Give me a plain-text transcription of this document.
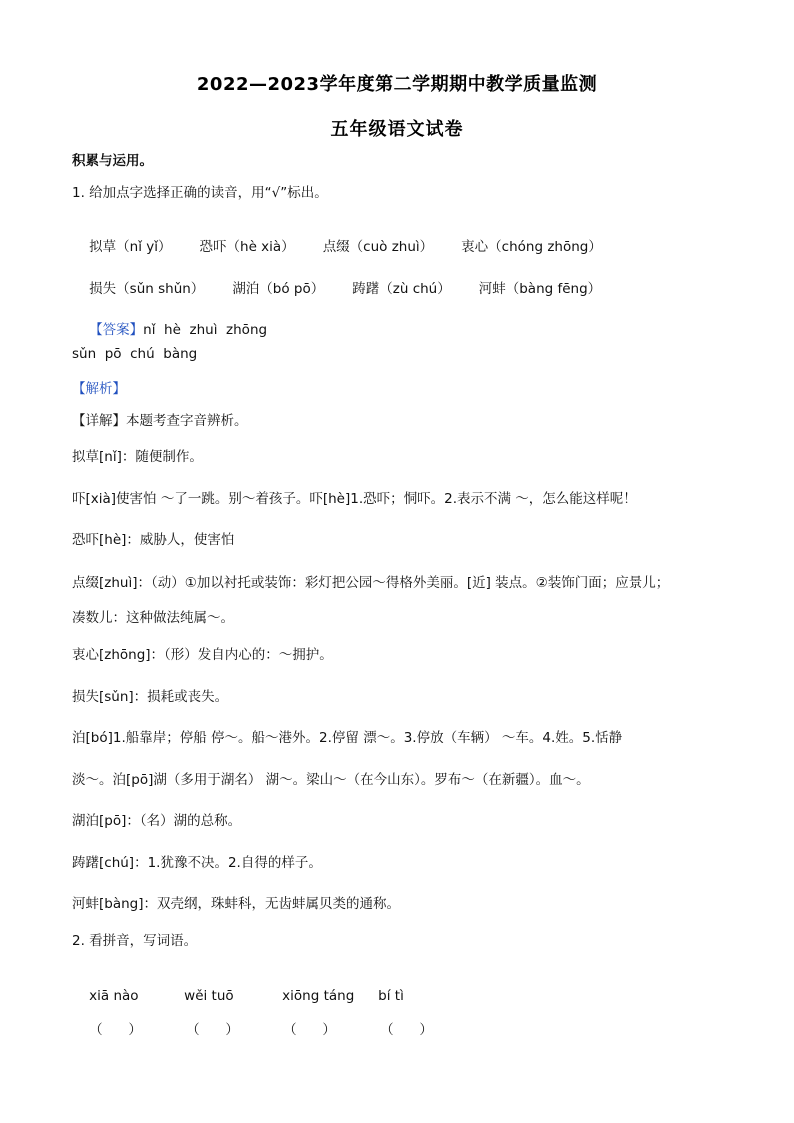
2022—2023学年度第二学期期中教学质量监测
五年级语文试卷
积累与运用。
1. 给加点字选择正确的读音，用“√”标出。

拟草（nǐ yǐ） 恐吓（hè xià） 点缀（cuò zhuì） 衷心（chóng zhōng）

损失（sǔn shǔn） 湖泊（bó pō） 踌躇（zù chú） 河蚌（bàng fēng）

【答案】nǐ  hè  zhuì  zhōng

sǔn  pō  chú  bàng
【解析】
【详解】本题考查字音辨析。
拟草[nǐ]：随便制作。
吓[xià]使害怕 ～了一跳。别～着孩子。吓[hè]1.恐吓；恫吓。2.表示不满 ～，怎么能这样呢！
恐吓[hè]：威胁人，使害怕
点缀[zhuì]：（动）①加以衬托或装饰：彩灯把公园～得格外美丽。[近] 装点。②装饰门面；应景儿；
凑数儿：这种做法纯属～。
衷心[zhōng]：（形）发自内心的：～拥护。
损失[sǔn]：损耗或丧失。
泊[bó]1.船靠岸；停船 停～。船～港外。2.停留 漂～。3.停放（车辆） ～车。4.姓。5.恬静
淡～。泊[pō]湖（多用于湖名） 湖～。梁山～（在今山东）。罗布～（在新疆）。血～。
湖泊[pō]：（名）湖的总称。
踌躇[chú]：1.犹豫不决。2.自得的样子。
河蚌[bàng]：双壳纲，珠蚌科，无齿蚌属贝类的通称。
2. 看拼音，写词语。

xiā nào	wěi tuō	xiōng táng bí tì

（      ）	（      ）	（      ）	（      ）
